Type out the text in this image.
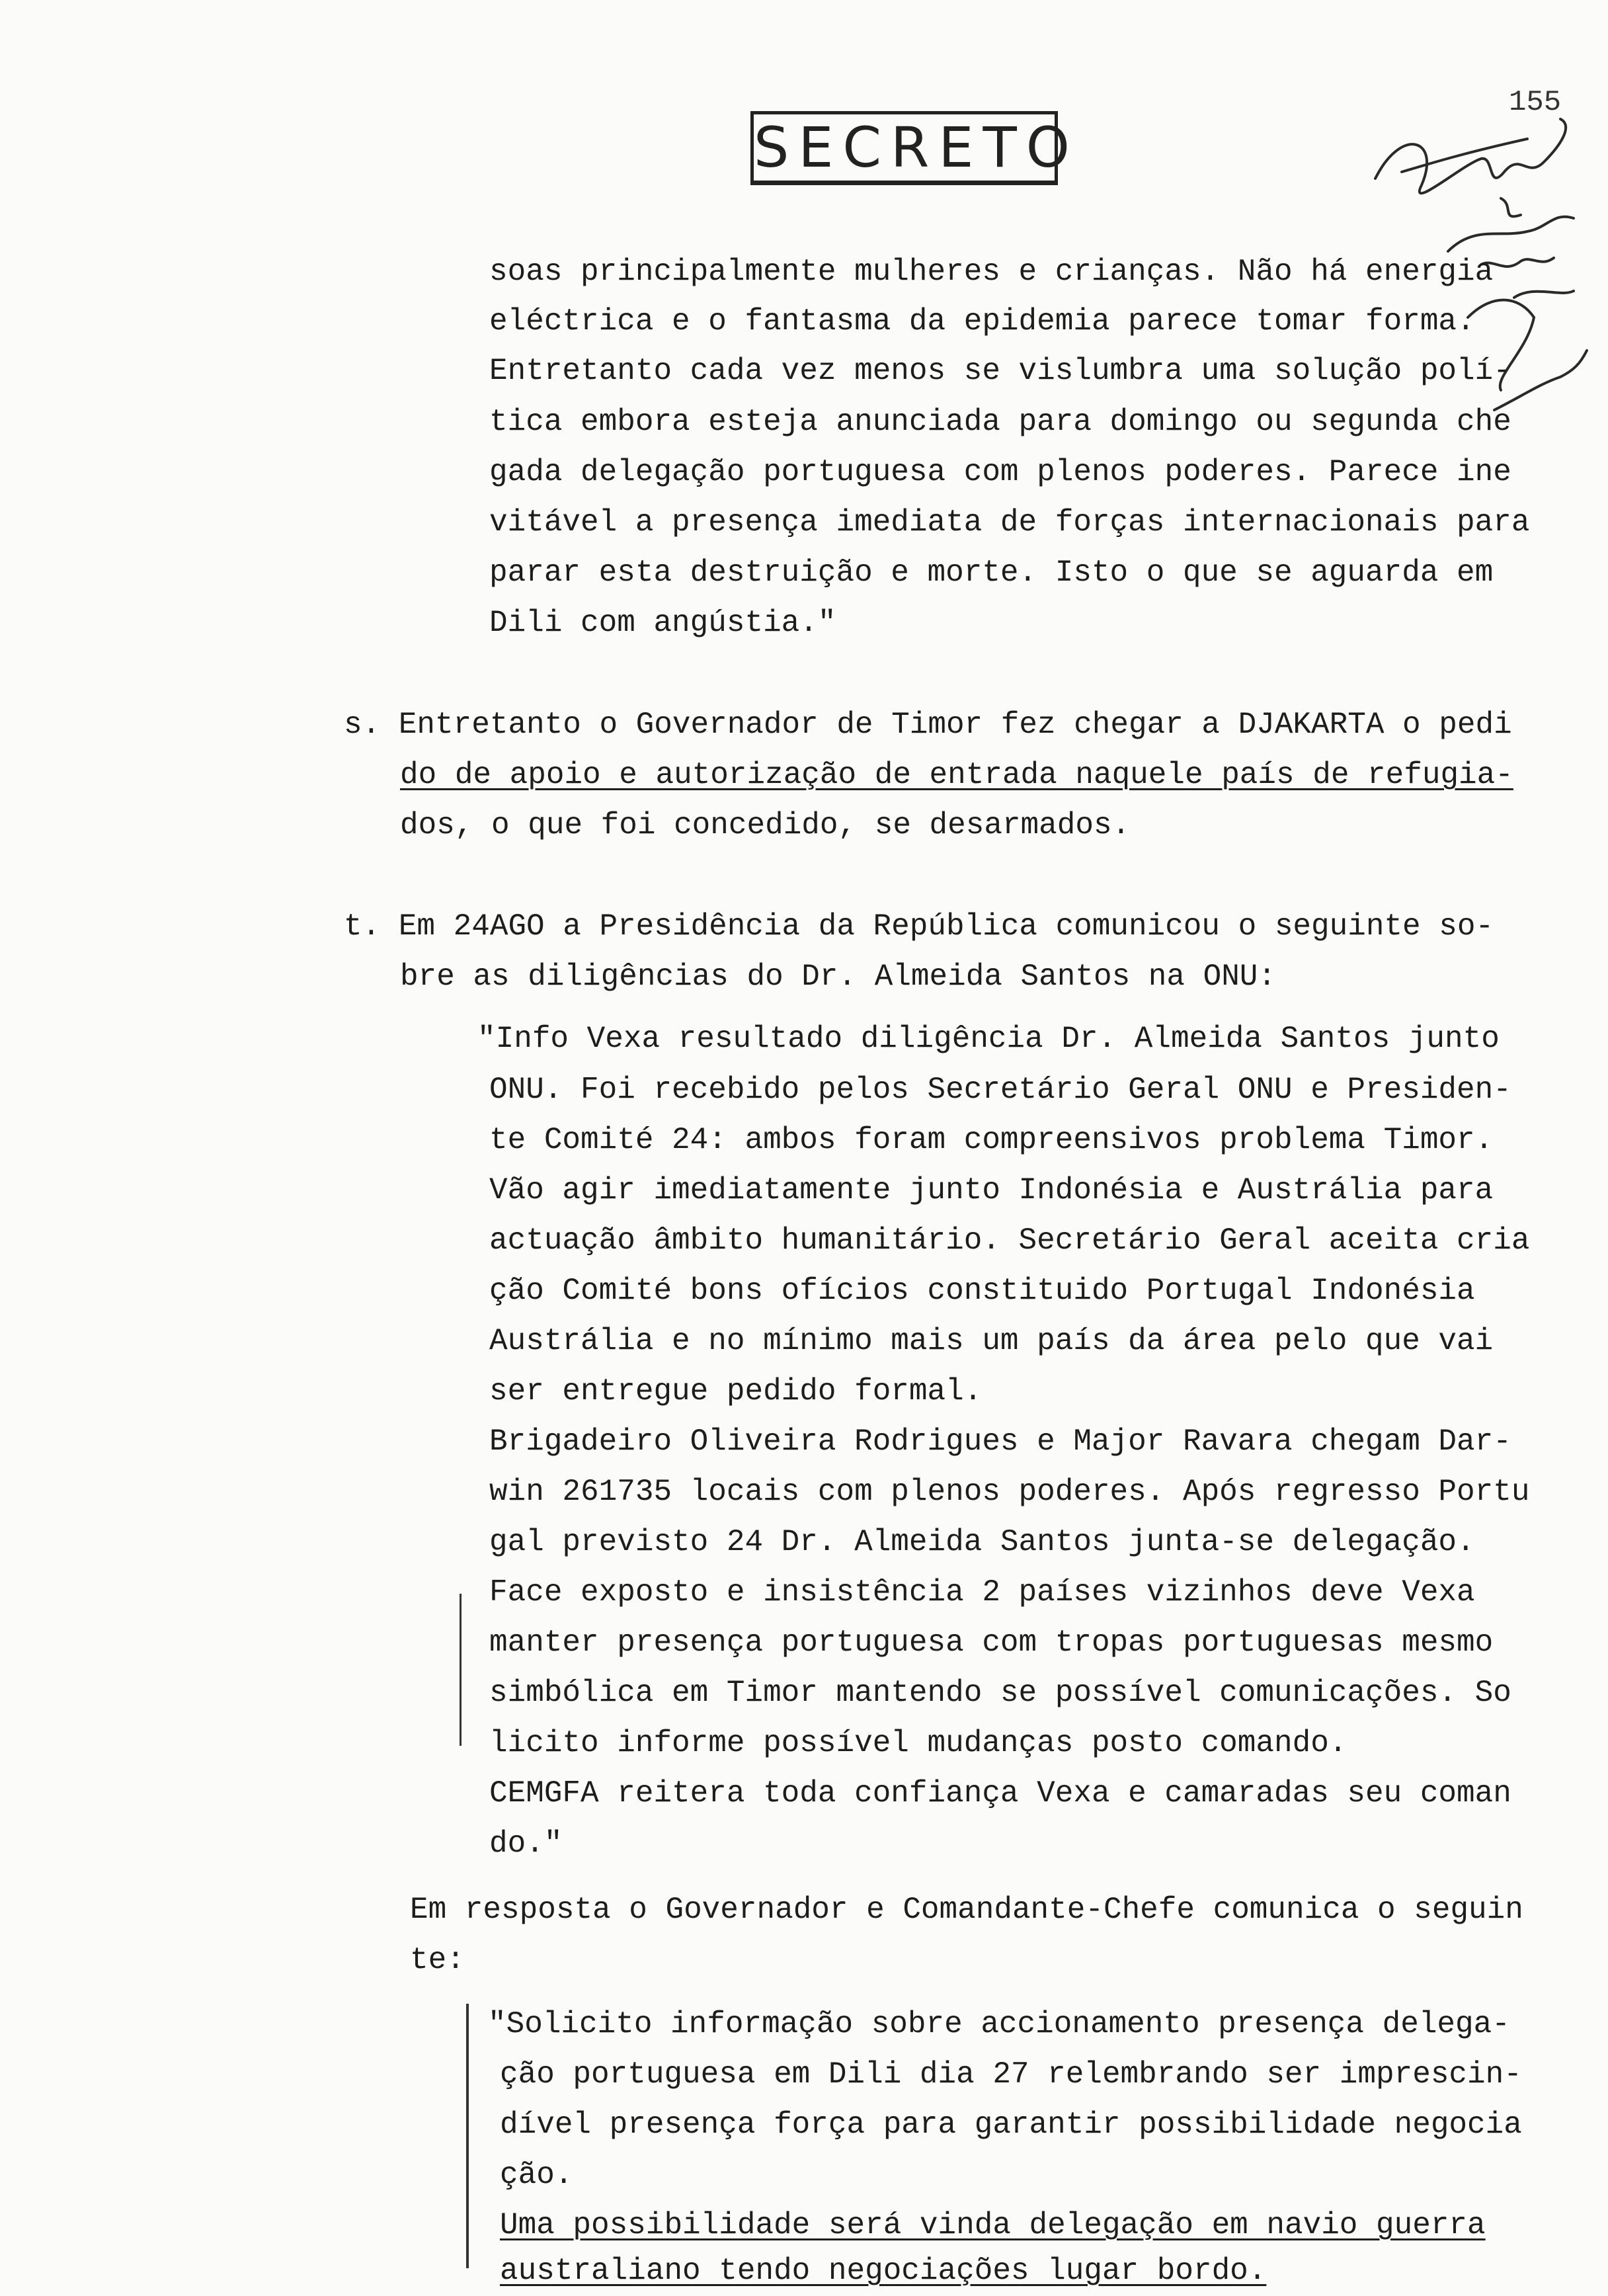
SECRETO
155
soas principalmente mulheres e crianças. Não há energia
eléctrica e o fantasma da epidemia parece tomar forma.
Entretanto cada vez menos se vislumbra uma solução polí-
tica embora esteja anunciada para domingo ou segunda che
gada delegação portuguesa com plenos poderes. Parece ine
vitável a presença imediata de forças internacionais para
parar esta destruição e morte. Isto o que se aguarda em
Dili com angústia."
s. Entretanto o Governador de Timor fez chegar a DJAKARTA o pedi
do de apoio e autorização de entrada naquele país de refugia-
dos, o que foi concedido, se desarmados.
t. Em 24AGO a Presidência da República comunicou o seguinte so-
bre as diligências do Dr. Almeida Santos na ONU:
"Info Vexa resultado diligência Dr. Almeida Santos junto
ONU. Foi recebido pelos Secretário Geral ONU e Presiden-
te Comité 24: ambos foram compreensivos problema Timor.
Vão agir imediatamente junto Indonésia e Austrália para
actuação âmbito humanitário. Secretário Geral aceita cria
ção Comité bons ofícios constituido Portugal Indonésia
Austrália e no mínimo mais um país da área pelo que vai
ser entregue pedido formal.
Brigadeiro Oliveira Rodrigues e Major Ravara chegam Dar-
win 261735 locais com plenos poderes. Após regresso Portu
gal previsto 24 Dr. Almeida Santos junta-se delegação.
Face exposto e insistência 2 países vizinhos deve Vexa
manter presença portuguesa com tropas portuguesas mesmo
simbólica em Timor mantendo se possível comunicações. So
licito informe possível mudanças posto comando.
CEMGFA reitera toda confiança Vexa e camaradas seu coman
do."
Em resposta o Governador e Comandante-Chefe comunica o seguin
te:
"Solicito informação sobre accionamento presença delega-
ção portuguesa em Dili dia 27 relembrando ser imprescin-
dível presença força para garantir possibilidade negocia
ção.
Uma possibilidade será vinda delegação em navio guerra
australiano tendo negociações lugar bordo.
